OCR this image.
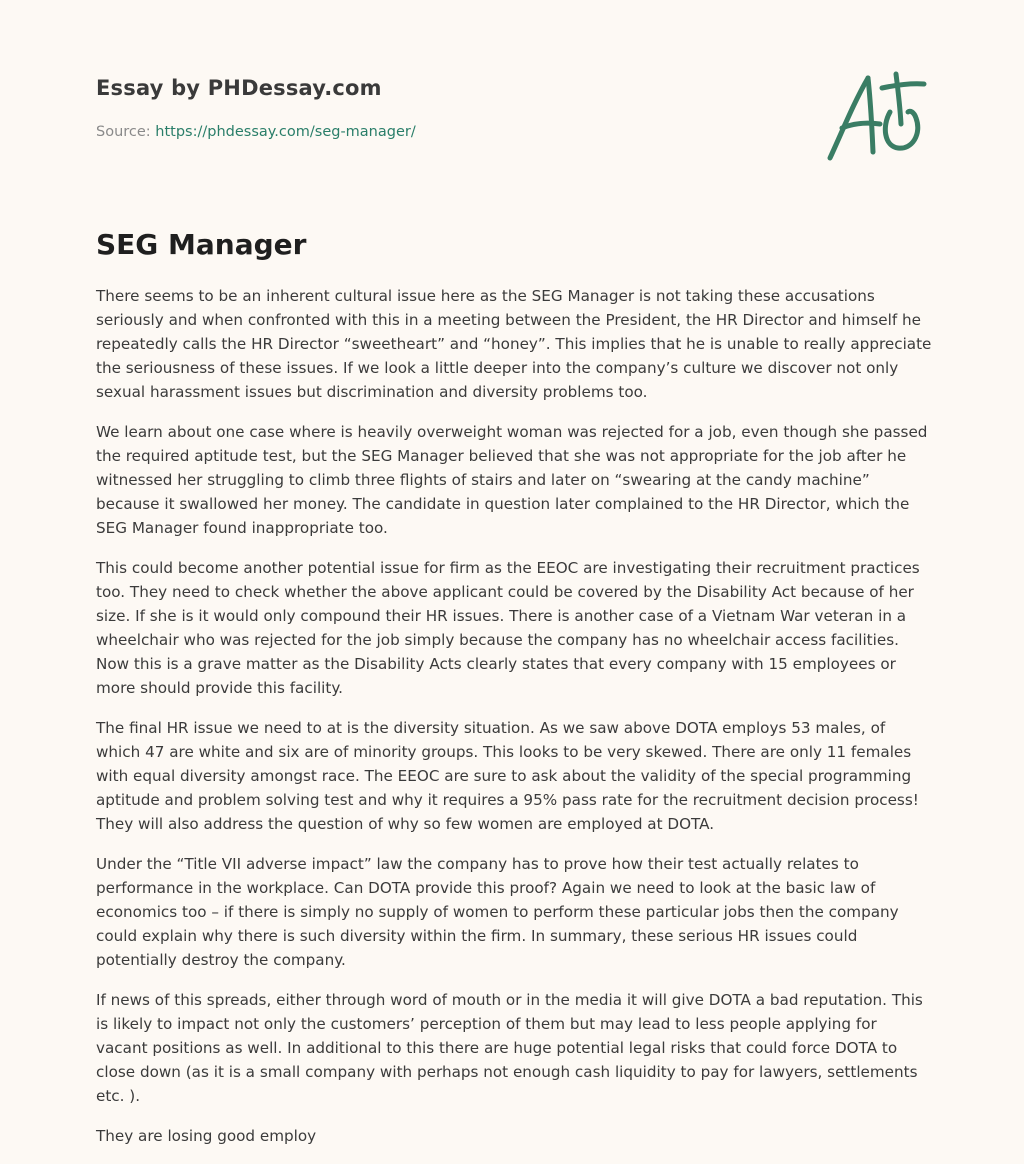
Essay by PHDessay.com
Source: https://phdessay.com/seg-manager/
SEG Manager

There seems to be an inherent cultural issue here as the SEG Manager is not taking these accusations seriously and when confronted with this in a meeting between the President, the HR Director and himself he repeatedly calls the HR Director “sweetheart” and “honey”. This implies that he is unable to really appreciate the seriousness of these issues. If we look a little deeper into the company’s culture we discover not only sexual harassment issues but discrimination and diversity problems too.

We learn about one case where is heavily overweight woman was rejected for a job, even though she passed the required aptitude test, but the SEG Manager believed that she was not appropriate for the job after he witnessed her struggling to climb three flights of stairs and later on “swearing at the candy machine” because it swallowed her money. The candidate in question later complained to the HR Director, which the SEG Manager found inappropriate too.

This could become another potential issue for firm as the EEOC are investigating their recruitment practices too. They need to check whether the above applicant could be covered by the Disability Act because of her size. If she is it would only compound their HR issues. There is another case of a Vietnam War veteran in a wheelchair who was rejected for the job simply because the company has no wheelchair access facilities. Now this is a grave matter as the Disability Acts clearly states that every company with 15 employees or more should provide this facility.

The final HR issue we need to at is the diversity situation. As we saw above DOTA employs 53 males, of which 47 are white and six are of minority groups. This looks to be very skewed. There are only 11 females with equal diversity amongst race. The EEOC are sure to ask about the validity of the special programming aptitude and problem solving test and why it requires a 95% pass rate for the recruitment decision process! They will also address the question of why so few women are employed at DOTA.

Under the “Title VII adverse impact” law the company has to prove how their test actually relates to performance in the workplace. Can DOTA provide this proof? Again we need to look at the basic law of economics too – if there is simply no supply of women to perform these particular jobs then the company could explain why there is such diversity within the firm. In summary, these serious HR issues could potentially destroy the company.

If news of this spreads, either through word of mouth or in the media it will give DOTA a bad reputation. This is likely to impact not only the customers’ perception of them but may lead to less people applying for vacant positions as well. In additional to this there are huge potential legal risks that could force DOTA to close down (as it is a small company with perhaps not enough cash liquidity to pay for lawyers, settlements etc. ).

They are losing good employ
